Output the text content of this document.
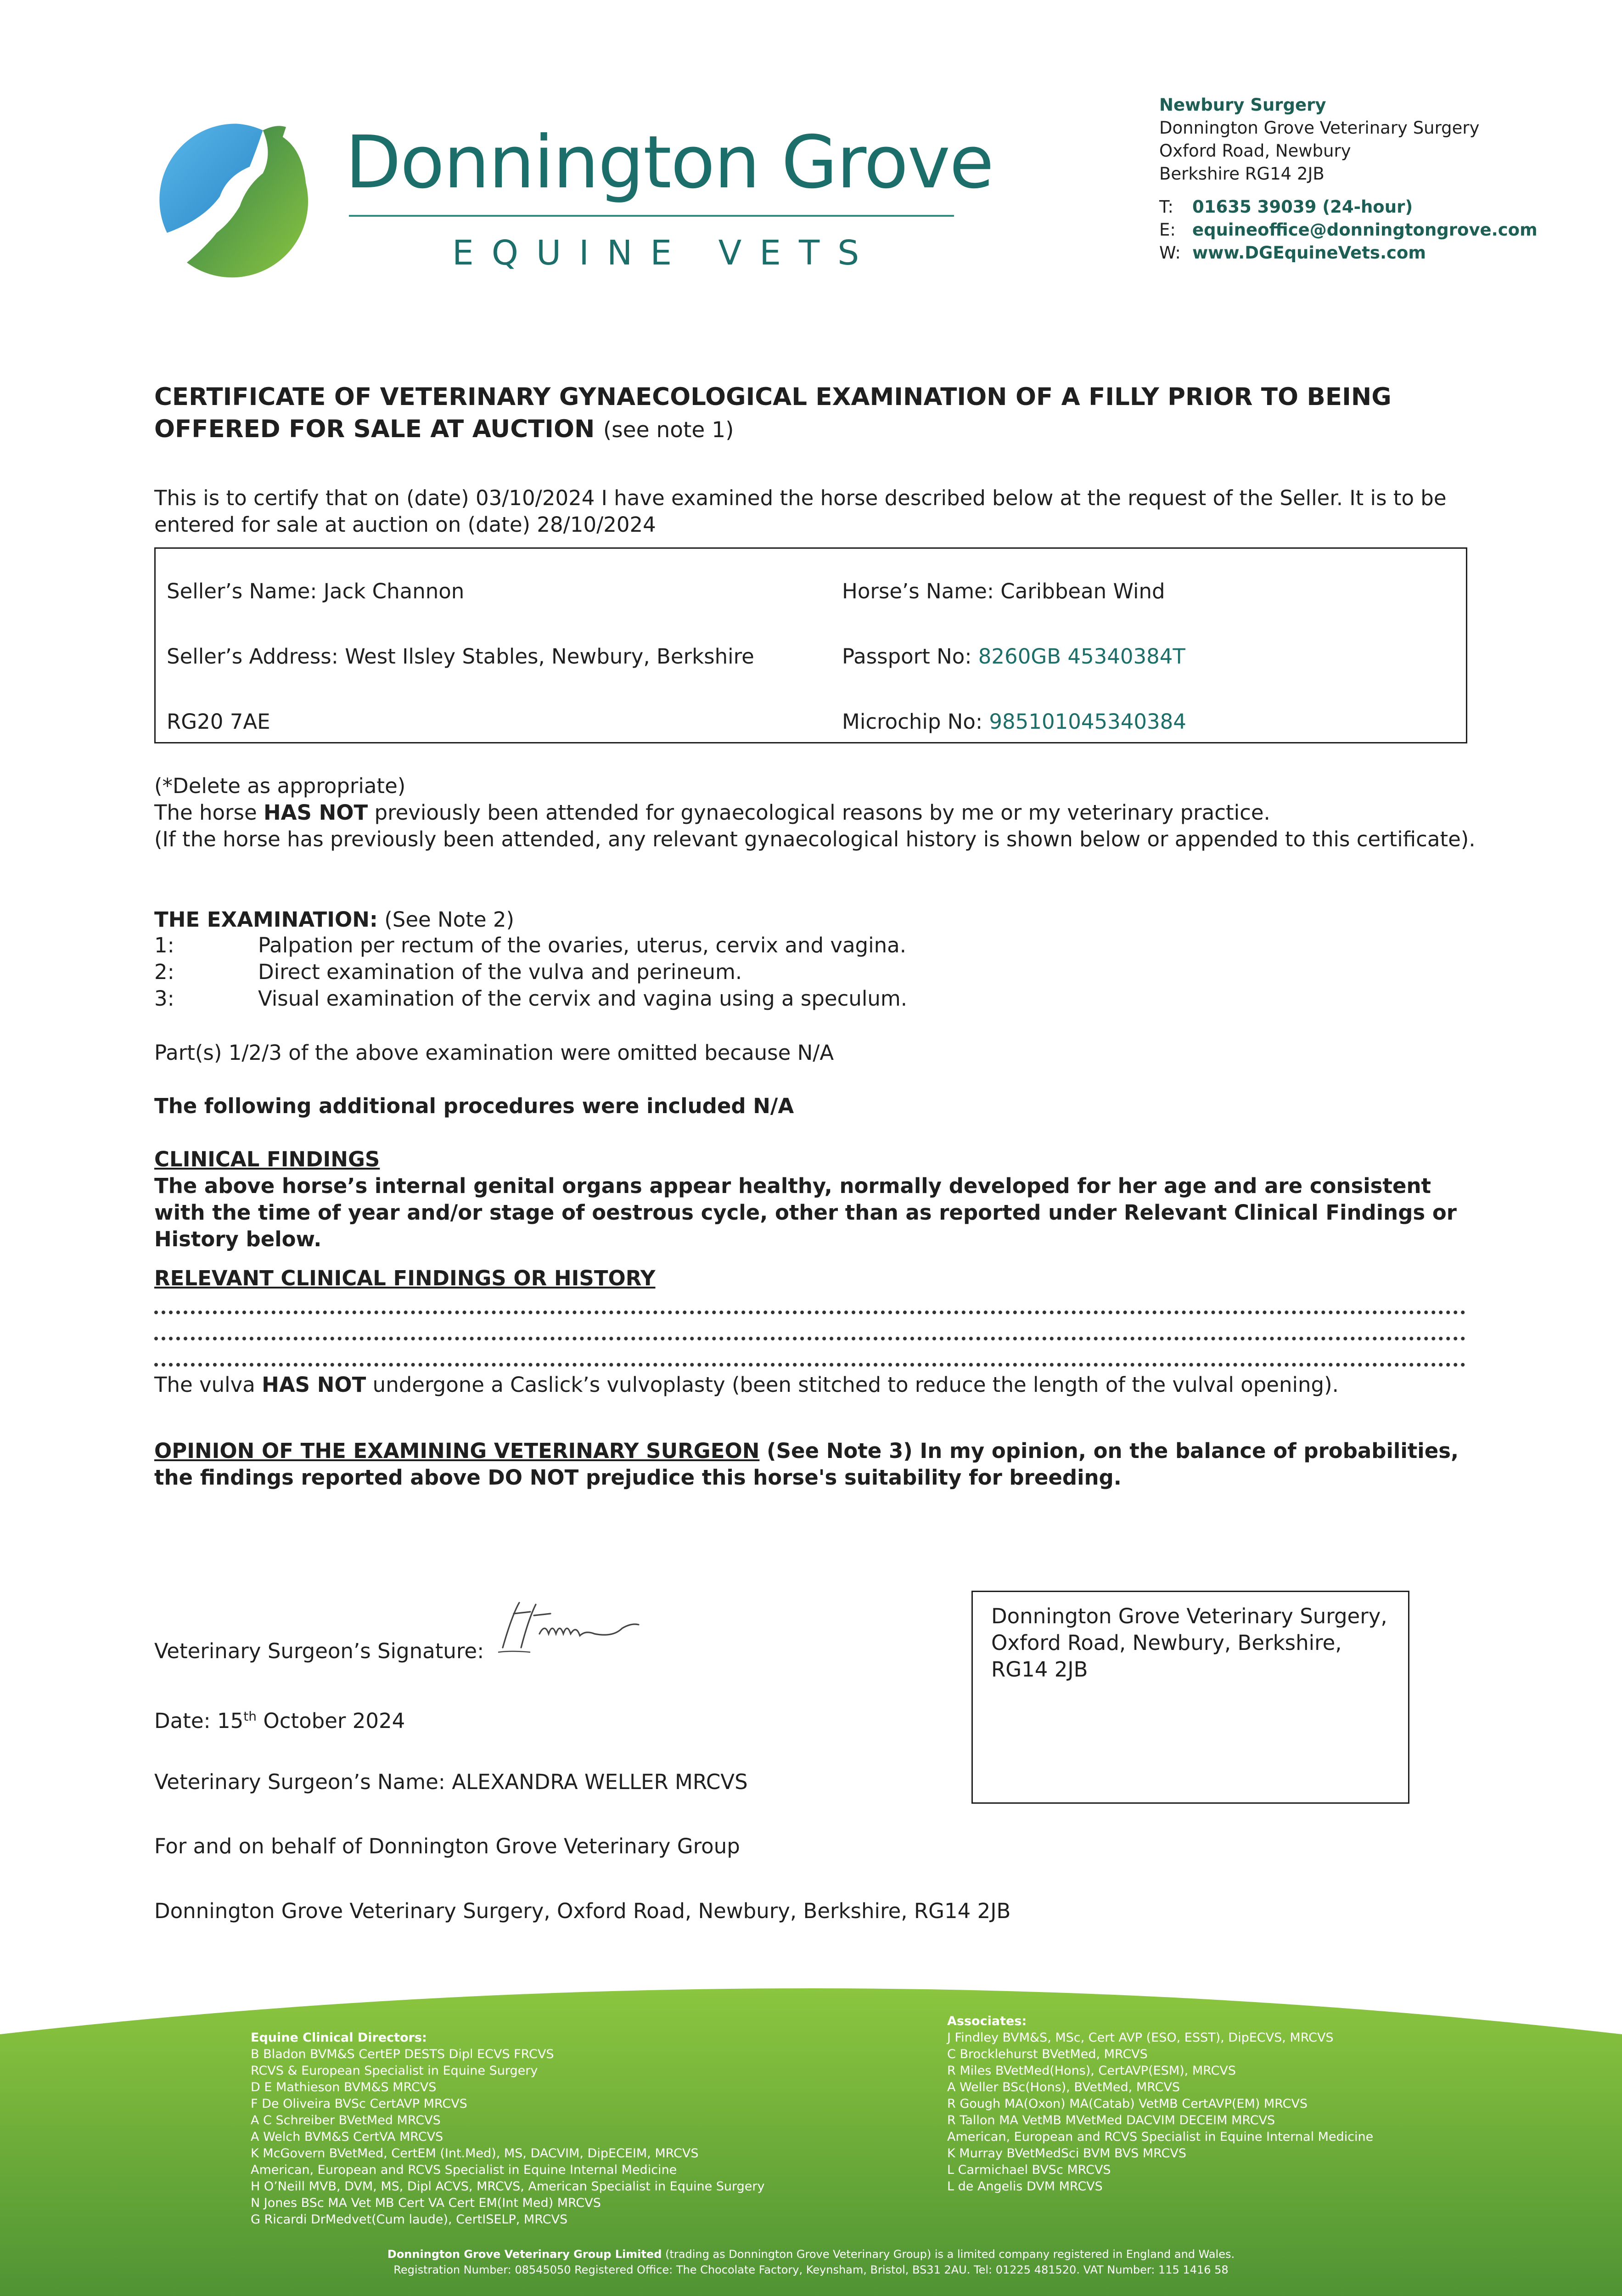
Donnington Grove
EQUINE VETS
Newbury Surgery
Donnington Grove Veterinary Surgery
Oxford Road, Newbury
Berkshire RG14 2JB
T: 01635 39039 (24-hour)
E: equineoffice@donningtongrove.com
W: www.DGEquineVets.com
CERTIFICATE OF VETERINARY GYNAECOLOGICAL EXAMINATION OF A FILLY PRIOR TO BEING OFFERED FOR SALE AT AUCTION (see note 1)
This is to certify that on (date) 03/10/2024 I have examined the horse described below at the request of the Seller. It is to be entered for sale at auction on (date) 28/10/2024
Seller’s Name: Jack Channon	Horse’s Name: Caribbean Wind
Seller’s Address: West Ilsley Stables, Newbury, Berkshire	Passport No: 8260GB 45340384T
RG20 7AE	Microchip No: 985101045340384
(*Delete as appropriate)
The horse HAS NOT previously been attended for gynaecological reasons by me or my veterinary practice.
(If the horse has previously been attended, any relevant gynaecological history is shown below or appended to this certificate).
THE EXAMINATION: (See Note 2)
1:	Palpation per rectum of the ovaries, uterus, cervix and vagina.
2:	Direct examination of the vulva and perineum.
3:	Visual examination of the cervix and vagina using a speculum.
Part(s) 1/2/3 of the above examination were omitted because N/A
The following additional procedures were included N/A
CLINICAL FINDINGS
The above horse’s internal genital organs appear healthy, normally developed for her age and are consistent with the time of year and/or stage of oestrous cycle, other than as reported under Relevant Clinical Findings or History below.
RELEVANT CLINICAL FINDINGS OR HISTORY
The vulva HAS NOT undergone a Caslick’s vulvoplasty (been stitched to reduce the length of the vulval opening).
OPINION OF THE EXAMINING VETERINARY SURGEON (See Note 3) In my opinion, on the balance of probabilities, the findings reported above DO NOT prejudice this horse's suitability for breeding.
Veterinary Surgeon’s Signature:
Date: 15th October 2024
Veterinary Surgeon’s Name: ALEXANDRA WELLER MRCVS
For and on behalf of Donnington Grove Veterinary Group
Donnington Grove Veterinary Surgery, Oxford Road, Newbury, Berkshire, RG14 2JB
Donnington Grove Veterinary Surgery, Oxford Road, Newbury, Berkshire, RG14 2JB
Equine Clinical Directors:
B Bladon BVM&S CertEP DESTS Dipl ECVS FRCVS
RCVS & European Specialist in Equine Surgery
D E Mathieson BVM&S MRCVS
F De Oliveira BVSc CertAVP MRCVS
A C Schreiber BVetMed MRCVS
A Welch BVM&S CertVA MRCVS
K McGovern BVetMed, CertEM (Int.Med), MS, DACVIM, DipECEIM, MRCVS
American, European and RCVS Specialist in Equine Internal Medicine
H O’Neill MVB, DVM, MS, Dipl ACVS, MRCVS, American Specialist in Equine Surgery
N Jones BSc MA Vet MB Cert VA Cert EM(Int Med) MRCVS
G Ricardi DrMedvet(Cum laude), CertISELP, MRCVS
Associates:
J Findley BVM&S, MSc, Cert AVP (ESO, ESST), DipECVS, MRCVS
C Brocklehurst BVetMed, MRCVS
R Miles BVetMed(Hons), CertAVP(ESM), MRCVS
A Weller BSc(Hons), BVetMed, MRCVS
R Gough MA(Oxon) MA(Catab) VetMB CertAVP(EM) MRCVS
R Tallon MA VetMB MVetMed DACVIM DECEIM MRCVS
American, European and RCVS Specialist in Equine Internal Medicine
K Murray BVetMedSci BVM BVS MRCVS
L Carmichael BVSc MRCVS
L de Angelis DVM MRCVS
Donnington Grove Veterinary Group Limited (trading as Donnington Grove Veterinary Group) is a limited company registered in England and Wales.
Registration Number: 08545050 Registered Office: The Chocolate Factory, Keynsham, Bristol, BS31 2AU. Tel: 01225 481520. VAT Number: 115 1416 58
